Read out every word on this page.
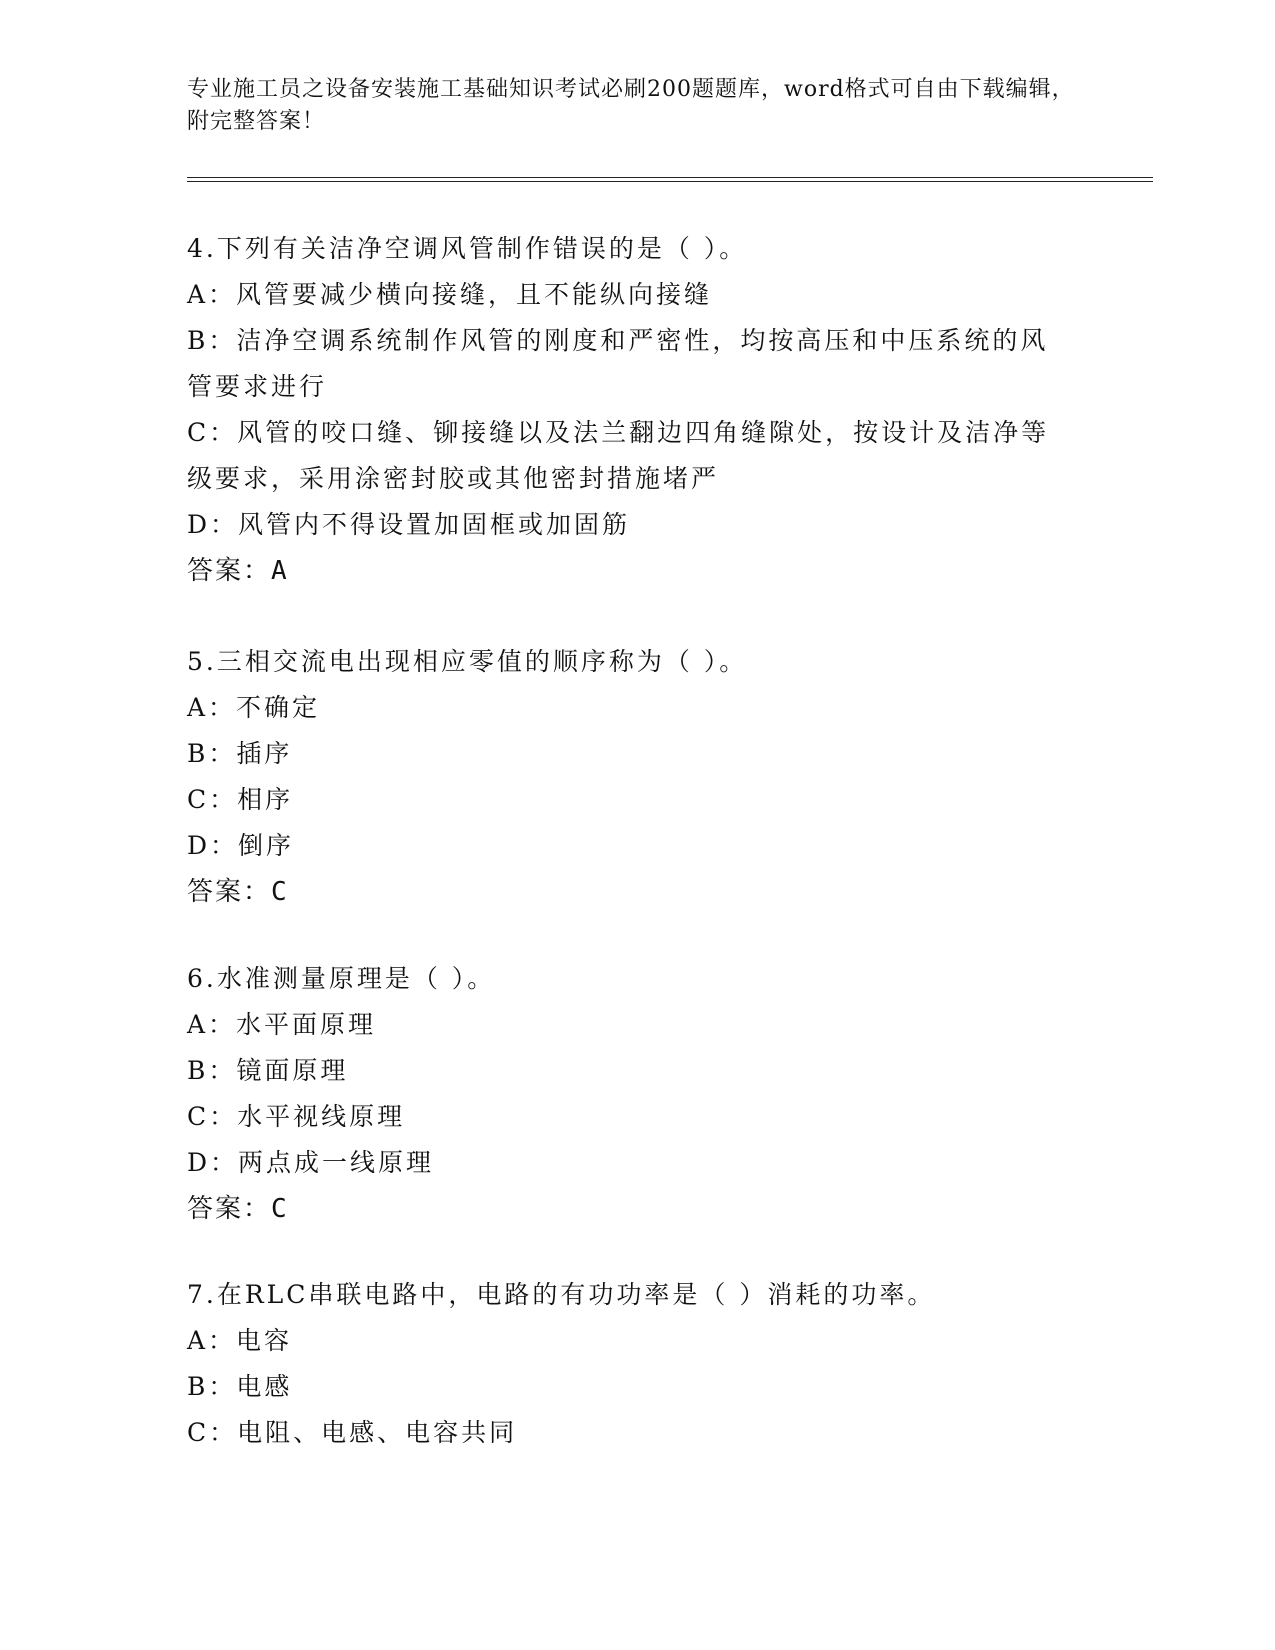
专业施工员之设备安装施工基础知识考试必刷200题题库，word格式可自由下载编辑，附完整答案！

4.下列有关洁净空调风管制作错误的是（ ）。

A：风管要减少横向接缝，且不能纵向接缝

B：洁净空调系统制作风管的刚度和严密性，均按高压和中压系统的风管要求进行

C：风管的咬口缝、铆接缝以及法兰翻边四角缝隙处，按设计及洁净等级要求，采用涂密封胶或其他密封措施堵严

D：风管内不得设置加固框或加固筋

答案：A

5.三相交流电出现相应零值的顺序称为（ ）。

A：不确定

B：插序

C：相序

D：倒序

答案：C

6.水准测量原理是（ ）。

A：水平面原理

B：镜面原理

C：水平视线原理

D：两点成一线原理

答案：C

7.在RLC串联电路中，电路的有功功率是（ ）消耗的功率。

A：电容

B：电感

C：电阻、电感、电容共同
